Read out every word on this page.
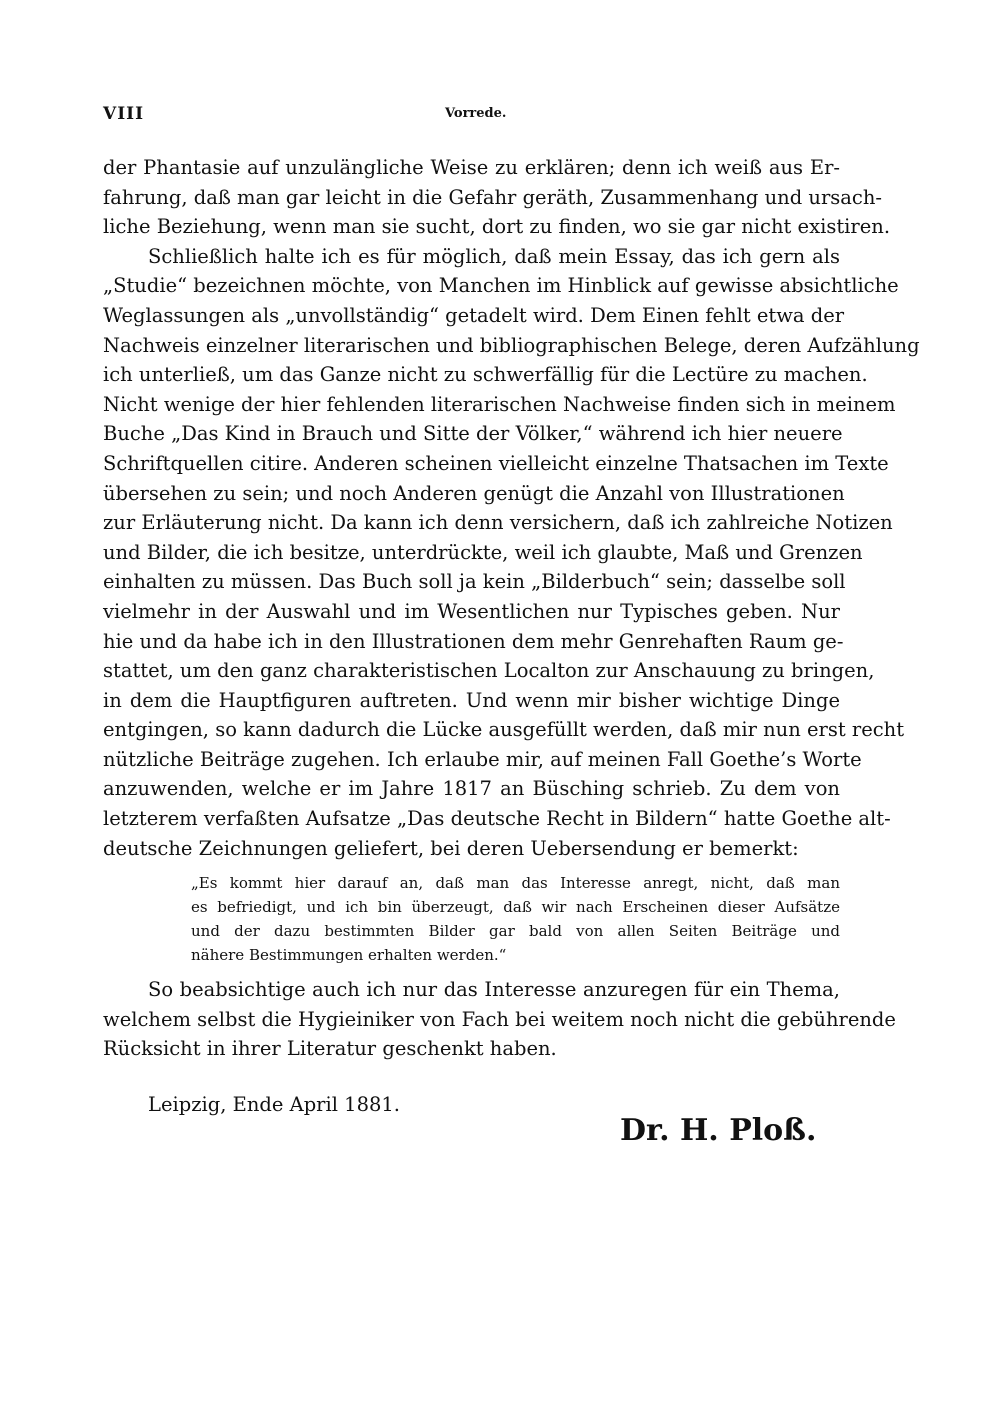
VIII	Vorrede.
der Phantasie auf unzulängliche Weise zu erklären; denn ich weiß aus Er-
fahrung, daß man gar leicht in die Gefahr geräth, Zusammenhang und ursach-
liche Beziehung, wenn man sie sucht, dort zu finden, wo sie gar nicht existiren.
Schließlich halte ich es für möglich, daß mein Essay, das ich gern als
„Studie“ bezeichnen möchte, von Manchen im Hinblick auf gewisse absichtliche
Weglassungen als „unvollständig“ getadelt wird. Dem Einen fehlt etwa der
Nachweis einzelner literarischen und bibliographischen Belege, deren Aufzählung
ich unterließ, um das Ganze nicht zu schwerfällig für die Lectüre zu machen.
Nicht wenige der hier fehlenden literarischen Nachweise finden sich in meinem
Buche „Das Kind in Brauch und Sitte der Völker,“ während ich hier neuere
Schriftquellen citire. Anderen scheinen vielleicht einzelne Thatsachen im Texte
übersehen zu sein; und noch Anderen genügt die Anzahl von Illustrationen
zur Erläuterung nicht. Da kann ich denn versichern, daß ich zahlreiche Notizen
und Bilder, die ich besitze, unterdrückte, weil ich glaubte, Maß und Grenzen
einhalten zu müssen. Das Buch soll ja kein „Bilderbuch“ sein; dasselbe soll
vielmehr in der Auswahl und im Wesentlichen nur Typisches geben. Nur
hie und da habe ich in den Illustrationen dem mehr Genrehaften Raum ge-
stattet, um den ganz charakteristischen Localton zur Anschauung zu bringen,
in dem die Hauptfiguren auftreten. Und wenn mir bisher wichtige Dinge
entgingen, so kann dadurch die Lücke ausgefüllt werden, daß mir nun erst recht
nützliche Beiträge zugehen. Ich erlaube mir, auf meinen Fall Goethe’s Worte
anzuwenden, welche er im Jahre 1817 an Büsching schrieb. Zu dem von
letzterem verfaßten Aufsatze „Das deutsche Recht in Bildern“ hatte Goethe alt-
deutsche Zeichnungen geliefert, bei deren Uebersendung er bemerkt:
„Es kommt hier darauf an, daß man das Interesse anregt, nicht, daß man
es befriedigt, und ich bin überzeugt, daß wir nach Erscheinen dieser Aufsätze
und der dazu bestimmten Bilder gar bald von allen Seiten Beiträge und
nähere Bestimmungen erhalten werden.“
So beabsichtige auch ich nur das Interesse anzuregen für ein Thema,
welchem selbst die Hygieiniker von Fach bei weitem noch nicht die gebührende
Rücksicht in ihrer Literatur geschenkt haben.
Leipzig, Ende April 1881.
Dr. H. Ploß.
